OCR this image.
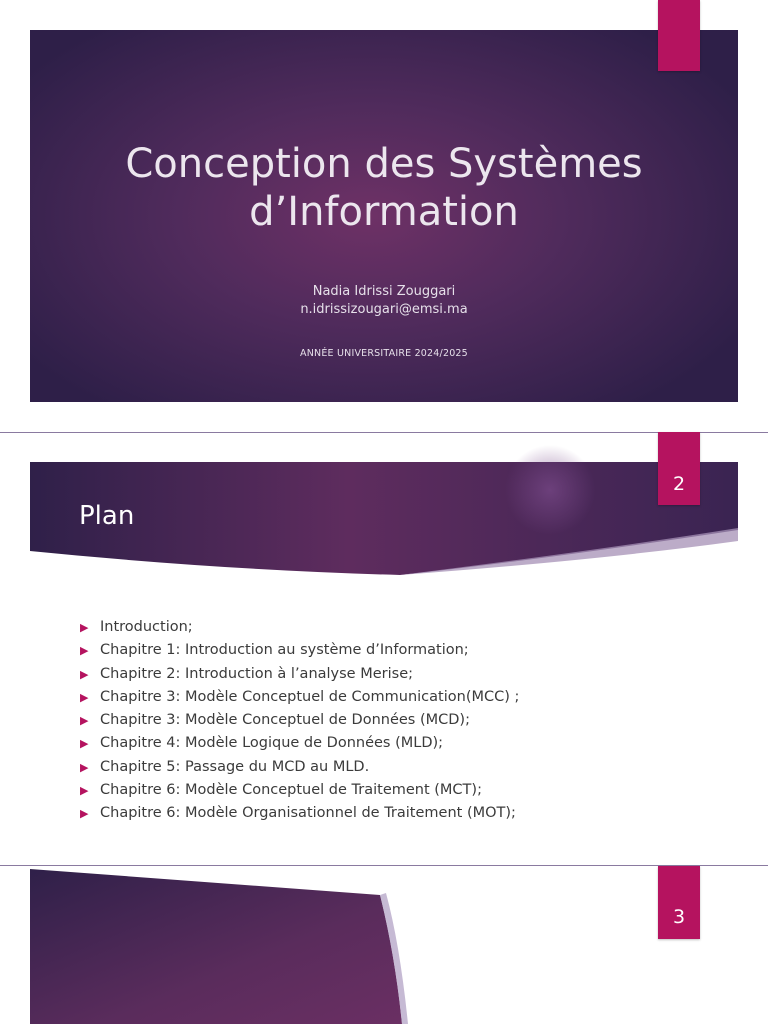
Conception des Systèmes
d’Information
Nadia Idrissi Zouggari
n.idrissizougari@emsi.ma
ANNÉE UNIVERSITAIRE 2024/2025
2
Plan
▶ Introduction;
▶ Chapitre 1: Introduction au système d’Information;
▶ Chapitre 2: Introduction à l’analyse Merise;
▶ Chapitre 3: Modèle Conceptuel de Communication(MCC) ;
▶ Chapitre 3: Modèle Conceptuel de Données (MCD);
▶ Chapitre 4: Modèle Logique de Données (MLD);
▶ Chapitre 5: Passage du MCD au MLD.
▶ Chapitre 6: Modèle Conceptuel de Traitement (MCT);
▶ Chapitre 6: Modèle Organisationnel de Traitement (MOT);
3
